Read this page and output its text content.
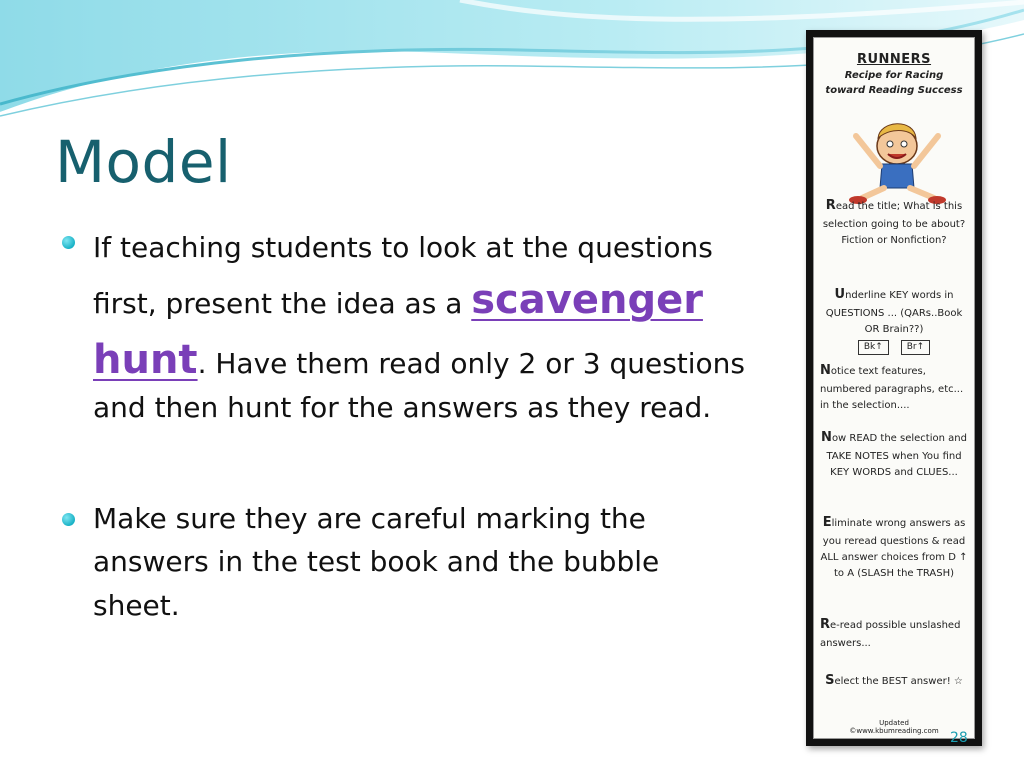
Model
If teaching students to look at the questions
first, present the idea as a scavenger
hunt. Have them read only 2 or 3 questions
and then hunt for the answers as they read.
Make sure they are careful marking the answers in the test book and the bubble sheet.
RUNNERS
Recipe for Racing toward Reading Success
Read the title; What is this selection going to be about? Fiction or Nonfiction?
Underline KEY words in QUESTIONS ... (QARs..Book OR Brain??)
Bk↑	Br↑
Notice text features, numbered paragraphs, etc... in the selection....
Now READ the selection and TAKE NOTES when You find KEY WORDS and CLUES...
Eliminate wrong answers as you reread questions & read ALL answer choices from D ↑ to A (SLASH the TRASH)
Re-read possible unslashed answers...
Select the BEST answer! ☆
Updated ©www.kbumreading.com 28
